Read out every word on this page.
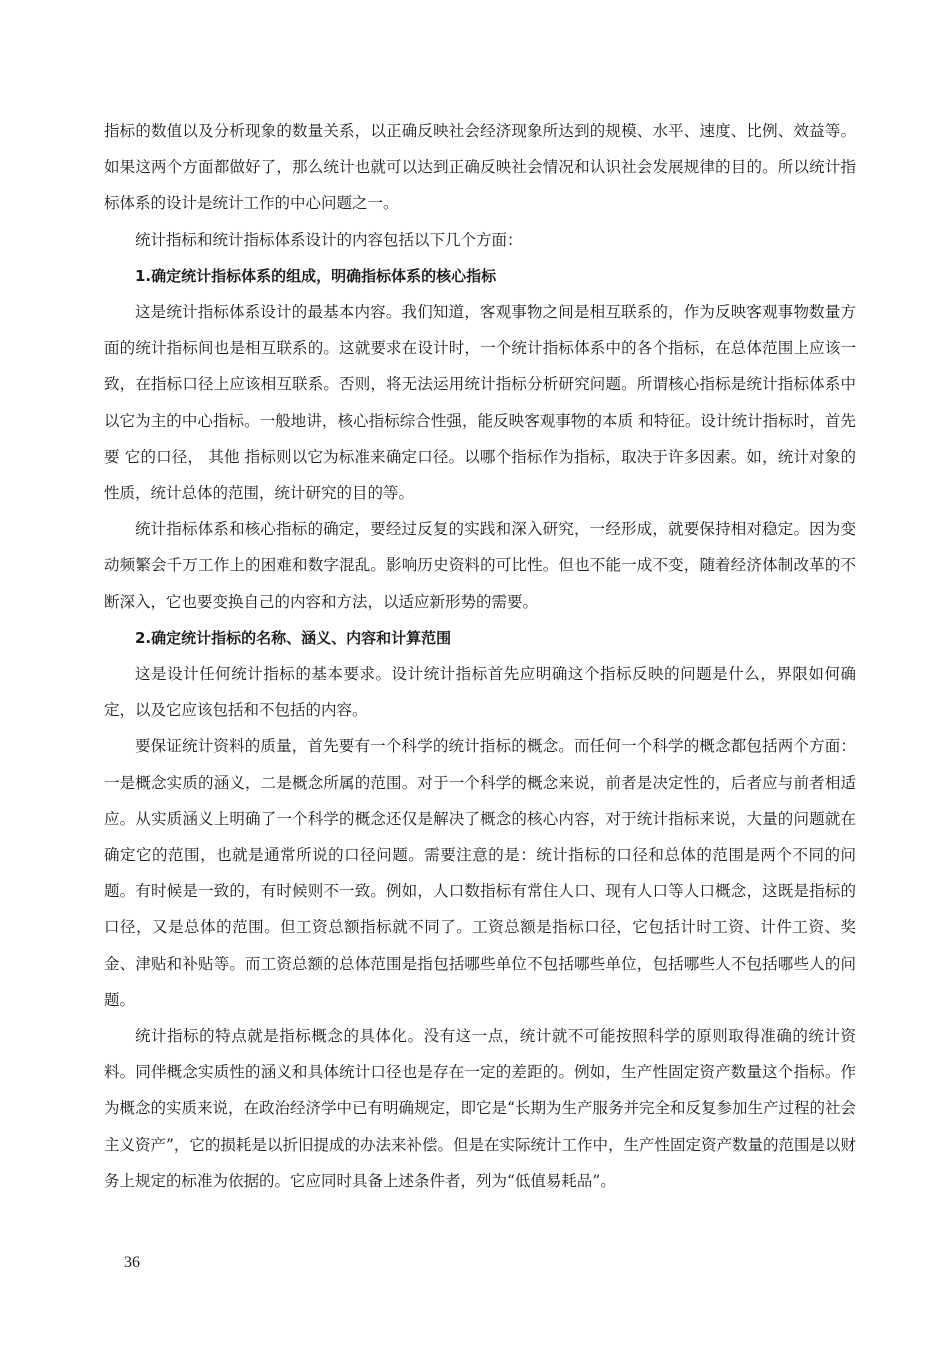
指标的数值以及分析现象的数量关系，以正确反映社会经济现象所达到的规模、水平、速度、比例、效益等。如果这两个方面都做好了，那么统计也就可以达到正确反映社会情况和认识社会发展规律的目的。所以统计指标体系的设计是统计工作的中心问题之一。

统计指标和统计指标体系设计的内容包括以下几个方面：

1.确定统计指标体系的组成，明确指标体系的核心指标

这是统计指标体系设计的最基本内容。我们知道，客观事物之间是相互联系的，作为反映客观事物数量方面的统计指标间也是相互联系的。这就要求在设计时，一个统计指标体系中的各个指标，在总体范围上应该一致，在指标口径上应该相互联系。否则，将无法运用统计指标分析研究问题。所谓核心指标是统计指标体系中以它为主的中心指标。一般地讲，核心指标综合性强，能反映客观事物的本质 和特征。设计统计指标时，首先要 它的口径， 其他 指标则以它为标准来确定口径。以哪个指标作为指标，取决于许多因素。如，统计对象的性质，统计总体的范围，统计研究的目的等。

统计指标体系和核心指标的确定，要经过反复的实践和深入研究，一经形成，就要保持相对稳定。因为变动频繁会千万工作上的困难和数字混乱。影响历史资料的可比性。但也不能一成不变，随着经济体制改革的不断深入，它也要变换自己的内容和方法，以适应新形势的需要。

2.确定统计指标的名称、涵义、内容和计算范围

这是设计任何统计指标的基本要求。设计统计指标首先应明确这个指标反映的问题是什么，界限如何确定，以及它应该包括和不包括的内容。

要保证统计资料的质量，首先要有一个科学的统计指标的概念。而任何一个科学的概念都包括两个方面：一是概念实质的涵义，二是概念所属的范围。对于一个科学的概念来说，前者是决定性的，后者应与前者相适应。从实质涵义上明确了一个科学的概念还仅是解决了概念的核心内容，对于统计指标来说，大量的问题就在确定它的范围，也就是通常所说的口径问题。需要注意的是：统计指标的口径和总体的范围是两个不同的问题。有时候是一致的，有时候则不一致。例如，人口数指标有常住人口、现有人口等人口概念，这既是指标的口径，又是总体的范围。但工资总额指标就不同了。工资总额是指标口径，它包括计时工资、计件工资、奖金、津贴和补贴等。而工资总额的总体范围是指包括哪些单位不包括哪些单位，包括哪些人不包括哪些人的问题。

统计指标的特点就是指标概念的具体化。没有这一点，统计就不可能按照科学的原则取得准确的统计资料。同伴概念实质性的涵义和具体统计口径也是存在一定的差距的。例如，生产性固定资产数量这个指标。作为概念的实质来说，在政治经济学中已有明确规定，即它是“长期为生产服务并完全和反复参加生产过程的社会主义资产”，它的损耗是以折旧提成的办法来补偿。但是在实际统计工作中，生产性固定资产数量的范围是以财务上规定的标准为依据的。它应同时具备上述条件者，列为“低值易耗品”。

36
